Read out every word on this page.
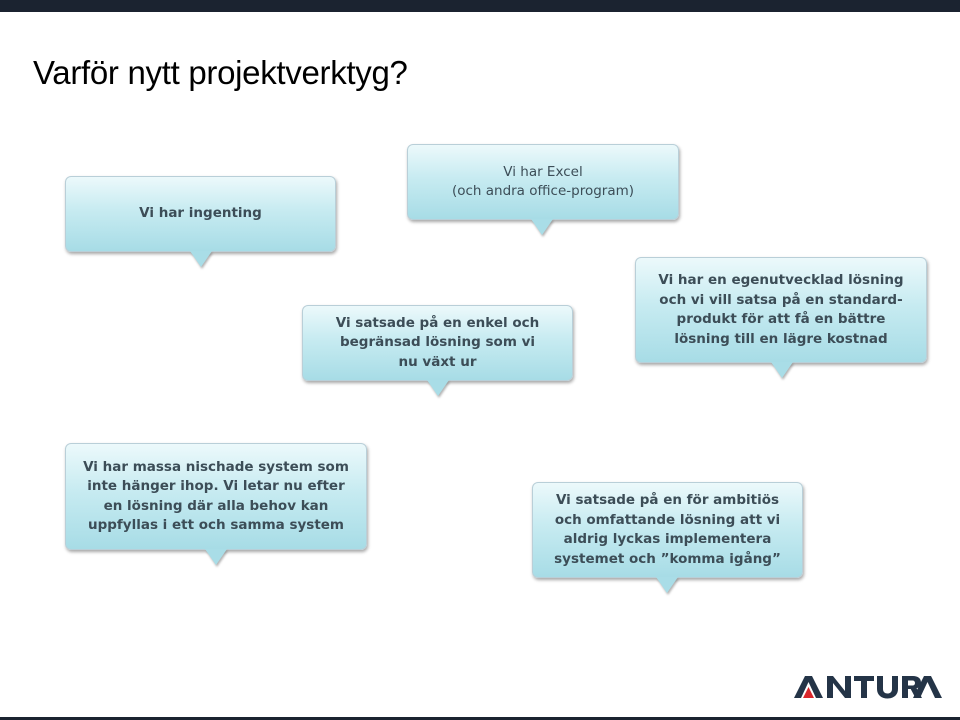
Varför nytt projektverktyg?
Vi har ingenting
Vi har Excel
(och andra office-program)
Vi satsade på en enkel och
begränsad lösning som vi
nu växt ur
Vi har en egenutvecklad lösning
och vi vill satsa på en standard-
produkt för att få en bättre
lösning till en lägre kostnad
Vi har massa nischade system som
inte hänger ihop. Vi letar nu efter
en lösning där alla behov kan
uppfyllas i ett och samma system
Vi satsade på en för ambitiös
och omfattande lösning att vi
aldrig lyckas implementera
systemet och ”komma igång”
